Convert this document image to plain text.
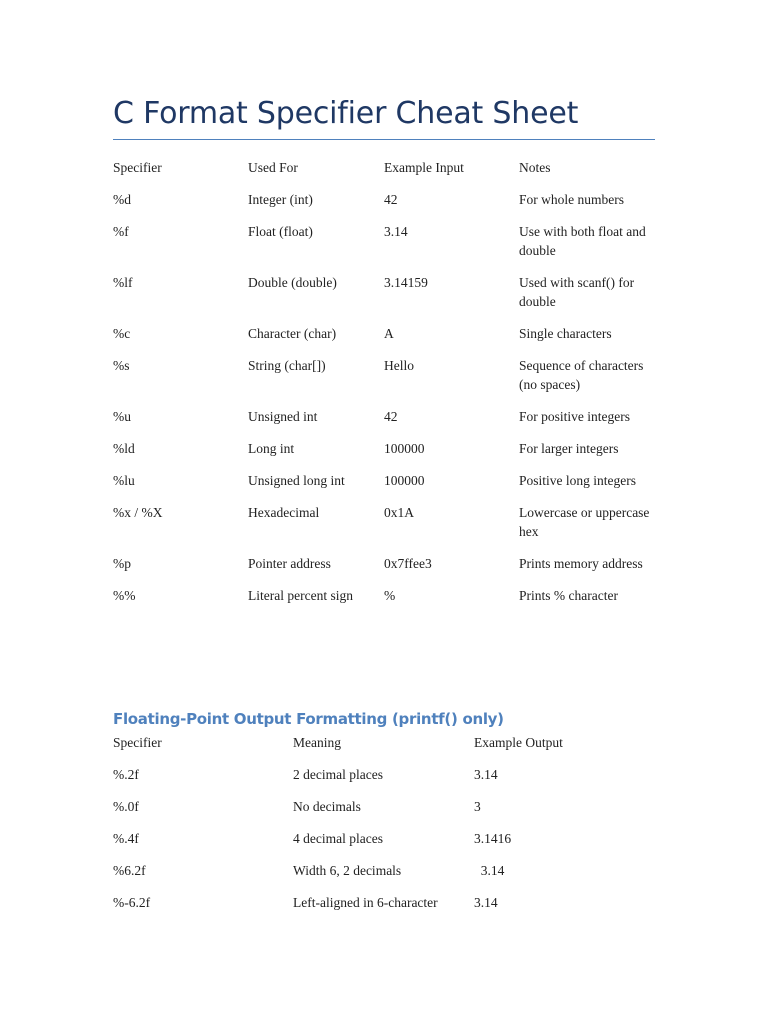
C Format Specifier Cheat Sheet
Specifier	Used For	Example Input	Notes
%d	Integer (int)	42	For whole numbers
%f	Float (float)	3.14	Use with both float and double
%lf	Double (double)	3.14159	Used with scanf() for double
%c	Character (char)	A	Single characters
%s	String (char[])	Hello	Sequence of characters (no spaces)
%u	Unsigned int	42	For positive integers
%ld	Long int	100000	For larger integers
%lu	Unsigned long int	100000	Positive long integers
%x / %X	Hexadecimal	0x1A	Lowercase or uppercase hex
%p	Pointer address	0x7ffee3	Prints memory address
%%	Literal percent sign	%	Prints % character
Floating-Point Output Formatting (printf() only)
Specifier	Meaning	Example Output
%.2f	2 decimal places	3.14
%.0f	No decimals	3
%.4f	4 decimal places	3.1416
%6.2f	Width 6, 2 decimals	3.14
%-6.2f	Left-aligned in 6-character	3.14
